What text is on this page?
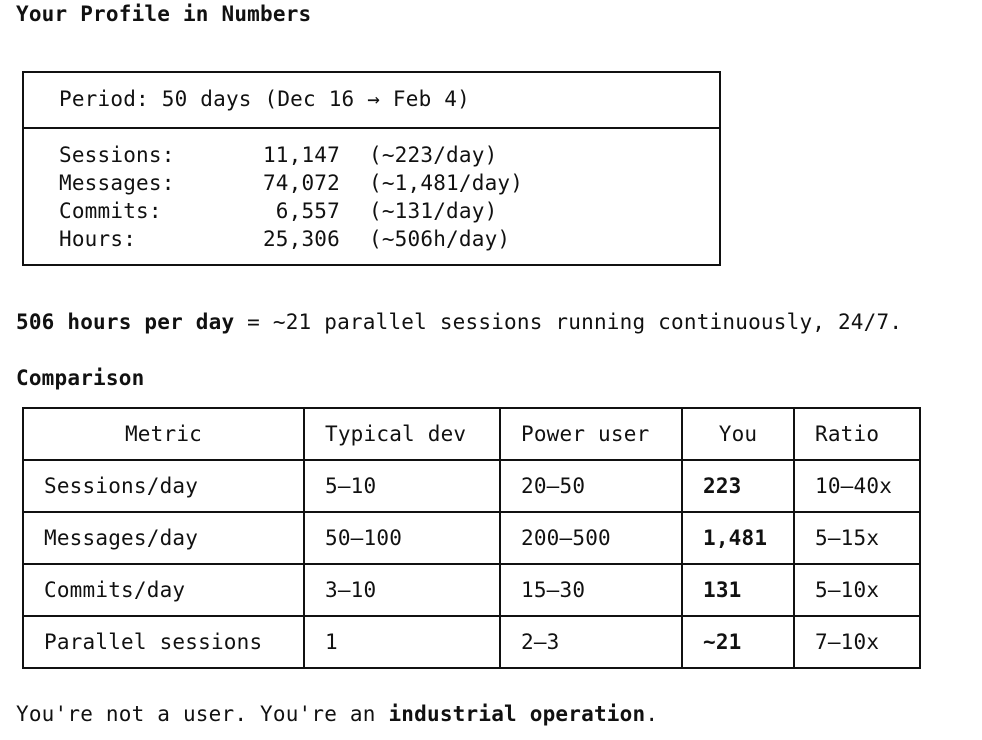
Your Profile in Numbers
Period: 50 days (Dec 16 → Feb 4)
Sessions:	11,147 (~223/day)
Messages:	74,072 (~1,481/day)
Commits:	6,557 (~131/day)
Hours:	25,306 (~506h/day)
506 hours per day = ~21 parallel sessions running continuously, 24/7.
Comparison
Metric	Typical dev	Power user	You	Ratio
Sessions/day	5–10	20–50	223	10–40x
Messages/day	50–100	200–500	1,481	5–15x
Commits/day	3–10	15–30	131	5–10x
Parallel sessions	1	2–3	~21	7–10x
You're not a user. You're an industrial operation.
